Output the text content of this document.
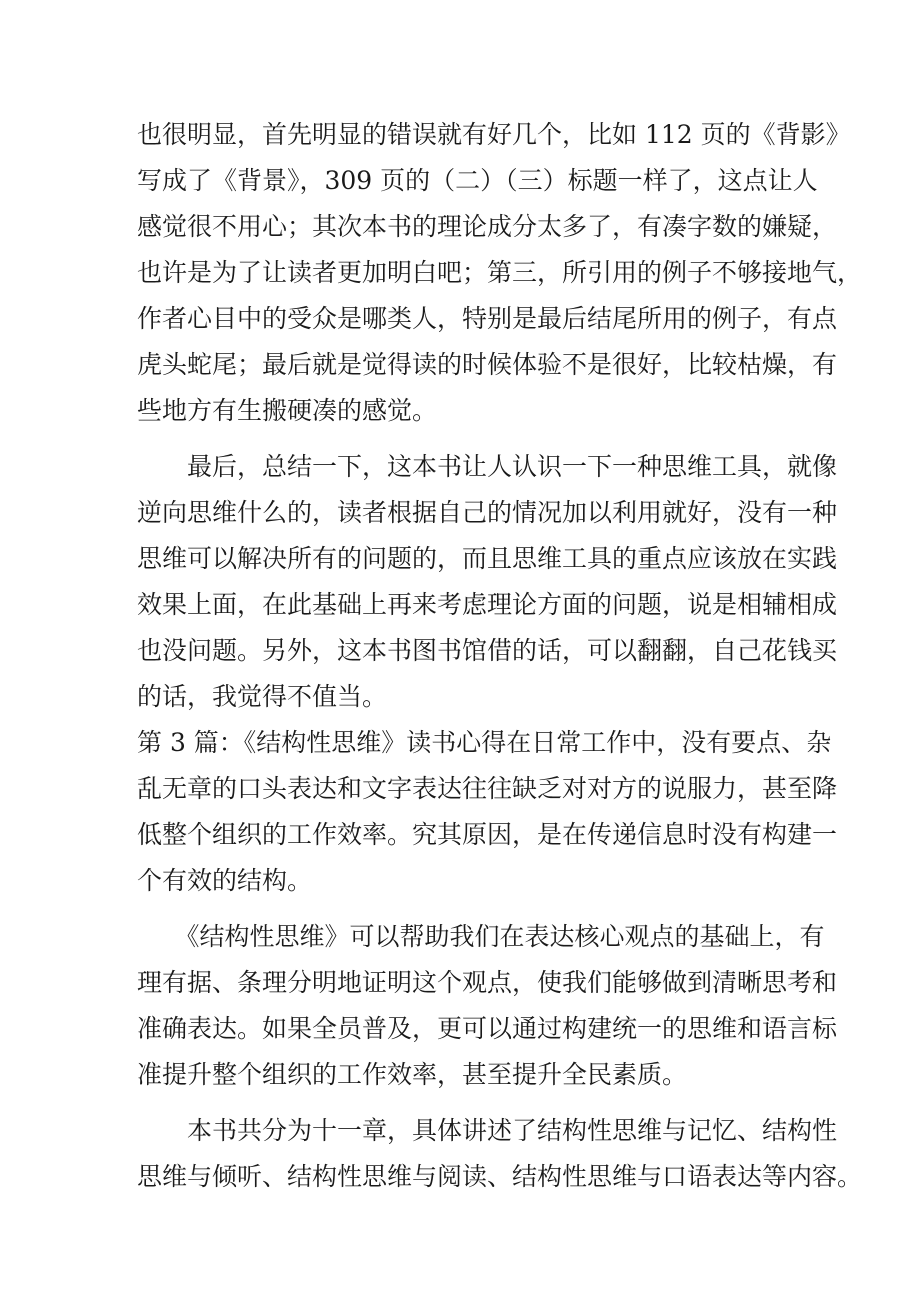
也很明显，首先明显的错误就有好几个，比如 112 页的《背影》
写成了《背景》，309 页的（二）（三）标题一样了，这点让人
感觉很不用心；其次本书的理论成分太多了，有凑字数的嫌疑，
也许是为了让读者更加明白吧；第三，所引用的例子不够接地气，
作者心目中的受众是哪类人，特别是最后结尾所用的例子，有点
虎头蛇尾；最后就是觉得读的时候体验不是很好，比较枯燥，有
些地方有生搬硬凑的感觉。
　　最后，总结一下，这本书让人认识一下一种思维工具，就像
逆向思维什么的，读者根据自己的情况加以利用就好，没有一种
思维可以解决所有的问题的，而且思维工具的重点应该放在实践
效果上面，在此基础上再来考虑理论方面的问题，说是相辅相成
也没问题。另外，这本书图书馆借的话，可以翻翻，自己花钱买
的话，我觉得不值当。
第 3 篇：《结构性思维》读书心得在日常工作中，没有要点、杂
乱无章的口头表达和文字表达往往缺乏对对方的说服力，甚至降
低整个组织的工作效率。究其原因，是在传递信息时没有构建一
个有效的结构。
　　《结构性思维》可以帮助我们在表达核心观点的基础上，有
理有据、条理分明地证明这个观点，使我们能够做到清晰思考和
准确表达。如果全员普及，更可以通过构建统一的思维和语言标
准提升整个组织的工作效率，甚至提升全民素质。
　　本书共分为十一章，具体讲述了结构性思维与记忆、结构性
思维与倾听、结构性思维与阅读、结构性思维与口语表达等内容。
